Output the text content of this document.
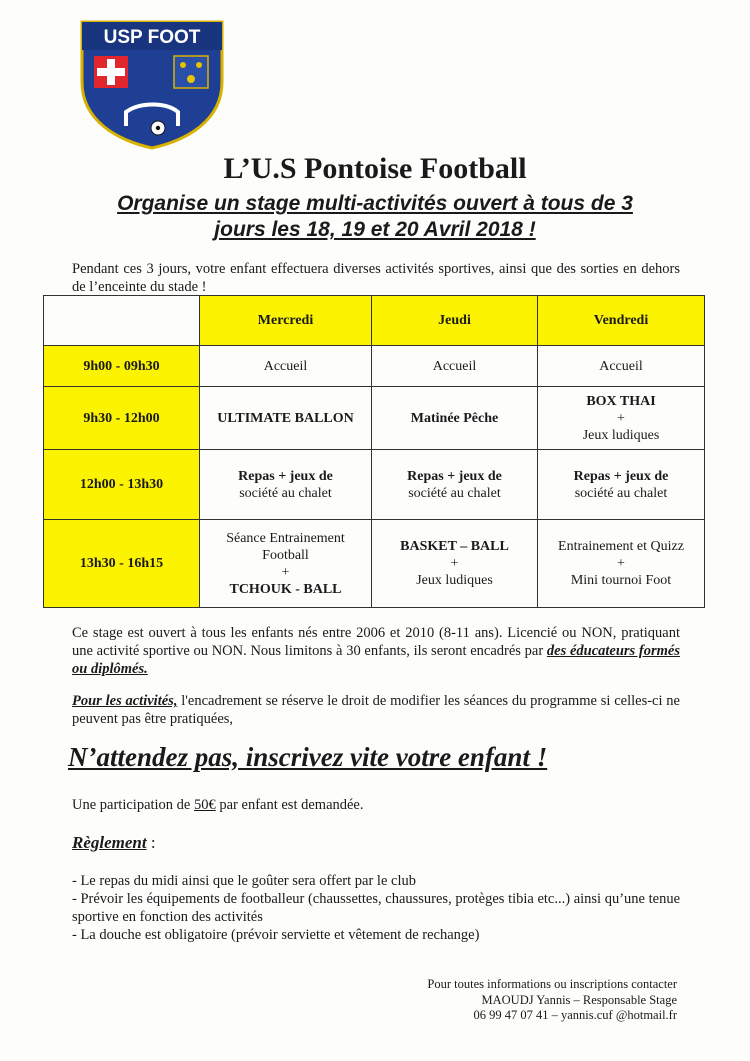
USP FOOT
L’U.S Pontoise Football
Organise un stage multi-activités ouvert à tous de 3
jours les 18, 19 et 20 Avril 2018 !

Pendant ces 3 jours, votre enfant effectuera diverses activités sportives, ainsi que des sorties en dehors de l’enceinte du stade !

	Mercredi	Jeudi	Vendredi
9h00 - 09h30	Accueil	Accueil	Accueil

9h30 - 12h00	ULTIMATE BALLON	Matinée Pêche	BOX THAI
+
Jeux ludiques

12h00 - 13h30	Repas + jeux de
société au chalet	Repas + jeux de
société au chalet	Repas + jeux de
société au chalet

13h30 - 16h15	Séance Entrainement
Football
+
TCHOUK - BALL	BASKET – BALL
+
Jeux ludiques	Entrainement et Quizz
+
Mini tournoi Foot

Ce stage est ouvert à tous les enfants nés entre 2006 et 2010 (8-11 ans). Licencié ou NON, pratiquant une activité sportive ou NON. Nous limitons à 30 enfants, ils seront encadrés par des éducateurs formés ou diplômés.

Pour les activités, l'encadrement se réserve le droit de modifier les séances du programme si celles-ci ne peuvent pas être pratiquées,

N’attendez pas, inscrivez vite votre enfant !
Une participation de 50€ par enfant est demandée.
Règlement :
- Le repas du midi ainsi que le goûter sera offert par le club
- Prévoir les équipements de footballeur (chaussettes, chaussures, protèges tibia etc...) ainsi qu’une tenue sportive en fonction des activités
- La douche est obligatoire (prévoir serviette et vêtement de rechange)
Pour toutes informations ou inscriptions contacter
MAOUDJ Yannis – Responsable Stage
06 99 47 07 41 – yannis.cuf @hotmail.fr
